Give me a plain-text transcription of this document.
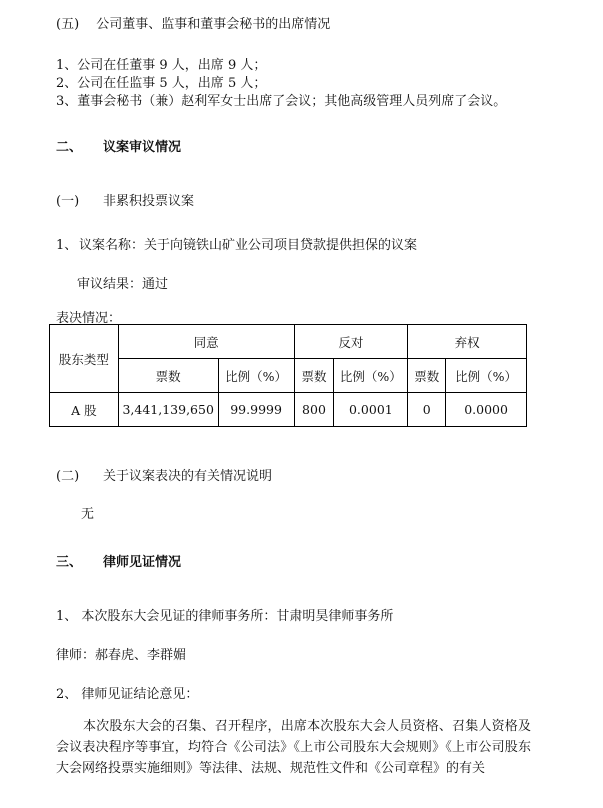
(五)　 公司董事、监事和董事会秘书的出席情况
1、公司在任董事 9 人，出席 9 人；
2、公司在任监事 5 人，出席 5 人；
3、董事会秘书（兼）赵利军女士出席了会议；其他高级管理人员列席了会议。
二、 议案审议情况
(一) 非累积投票议案
1、 议案名称：关于向镜铁山矿业公司项目贷款提供担保的议案
审议结果：通过
表决情况：
股东类型	同意		反对		弃权	
	票数	比例（%）	票数	比例（%）	票数	比例（%）
A 股	3,441,139,650	99.9999	800	0.0001	0	0.0000
(二) 关于议案表决的有关情况说明
无
三、 律师见证情况
1、 本次股东大会见证的律师事务所：甘肃明昊律师事务所
律师：郝春虎、李群媚
2、 律师见证结论意见：
本次股东大会的召集、召开程序，出席本次股东大会人员资格、召集人资格及会议表决程序等事宜，均符合《公司法》《上市公司股东大会规则》《上市公司股东大会网络投票实施细则》等法律、法规、规范性文件和《公司章程》的有关
